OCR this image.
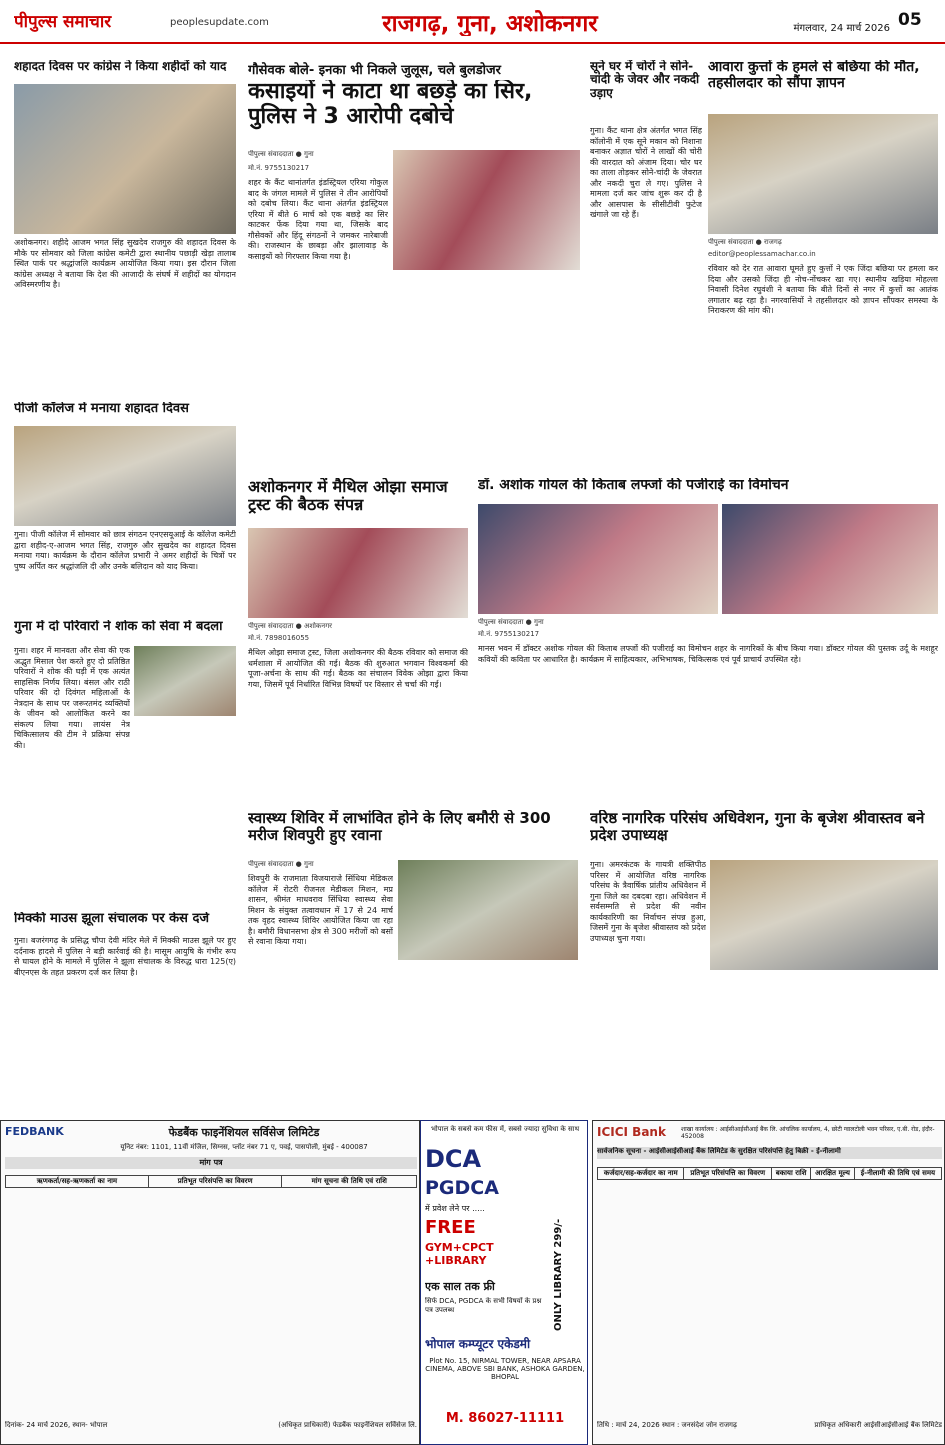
पीपुल्स समाचार	peoplesupdate.com	राजगढ़, गुना, अशोकनगर	मंगलवार, 24 मार्च 2026 05
शहादत दिवस पर कांग्रेस ने किया शहीदों को याद
अशोकनगर। शहीदे आजम भगत सिंह सुखदेव राजगुरु की शहादत दिवस के मौके पर सोमवार को जिला कांग्रेस कमेटी द्वारा स्थानीय पछाड़ी खेड़ा तालाब स्थित पार्क पर श्रद्धांजलि कार्यक्रम आयोजित किया गया। इस दौरान जिला कांग्रेस अध्यक्ष ने बताया कि देश की आजादी के संघर्ष में शहीदों का योगदान अविस्मरणीय है।
पीजी कॉलेज में मनाया शहादत दिवस
गुना। पीजी कॉलेज में सोमवार को छात्र संगठन एनएसयूआई के कॉलेज कमेटी द्वारा शहीद-ए-आजम भगत सिंह, राजगुरु और सुखदेव का शहादत दिवस मनाया गया। कार्यक्रम के दौरान कॉलेज प्रभारी ने अमर शहीदों के चित्रों पर पुष्प अर्पित कर श्रद्धांजलि दी और उनके बलिदान को याद किया।
गुना में दो परिवारों ने शोक को सेवा में बदला
गुना। शहर में मानवता और सेवा की एक अद्भुत मिसाल पेश करते हुए दो प्रतिष्ठित परिवारों ने शोक की घड़ी में एक अत्यंत साहसिक निर्णय लिया। बंसल और राठी परिवार की दो दिवंगत महिलाओं के नेत्रदान के साथ पर जरूरतमंद व्यक्तियों के जीवन को आलोकित करने का संकल्प लिया गया। लायंस नेत्र चिकित्सालय की टीम ने प्रक्रिया संपन्न की।
मिक्की माउस झूला संचालक पर केस दर्ज
गुना। बजरंगगढ़ के प्रसिद्ध चौपा देवी मंदिर मेले में मिक्की माउस झूले पर हुए दर्दनाक हादसे में पुलिस ने बड़ी कार्रवाई की है। मासूम आयुषि के गंभीर रूप से घायल होने के मामले में पुलिस ने झूला संचालक के विरुद्ध धारा 125(ए) बीएनएस के तहत प्रकरण दर्ज कर लिया है।
गौसेवक बोले- इनका भी निकले जुलूस, चले बुलडोजर
कसाइयों ने काटा था बछड़े का सिर, पुलिस ने 3 आरोपी दबोचे
पीपुल्स संवाददाता ● गुना
मो.नं. 9755130217
शहर के कैंट थानांतर्गत इंडस्ट्रियल एरिया गोकुल बाद के जंगल मामले में पुलिस ने तीन आरोपियों को दबोच लिया। कैंट थाना अंतर्गत इंडस्ट्रियल एरिया में बीते 6 मार्च को एक बछड़े का सिर काटकर फेंक दिया गया था, जिसके बाद गौसेवकों और हिंदू संगठनों ने जमकर नारेबाजी की। राजस्थान के छाबड़ा और झालावाड़ के कसाइयों को गिरफ्तार किया गया है।
सूने घर में चोरों ने सोने-चांदी के जेवर और नकदी उड़ाए
गुना। कैंट थाना क्षेत्र अंतर्गत भगत सिंह कॉलोनी में एक सूने मकान को निशाना बनाकर अज्ञात चोरों ने लाखों की चोरी की वारदात को अंजाम दिया। चोर घर का ताला तोड़कर सोने-चांदी के जेवरात और नकदी चुरा ले गए। पुलिस ने मामला दर्ज कर जांच शुरू कर दी है और आसपास के सीसीटीवी फुटेज खंगाले जा रहे हैं।
आवारा कुत्तों के हमले से बछिया की मौत, तहसीलदार को सौंपा ज्ञापन
पीपुल्स संवाददाता ● राजगढ़
editor@peoplessamachar.co.in
रविवार को देर रात आवारा घूमते हुए कुत्तों ने एक जिंदा बछिया पर हमला कर दिया और उसको जिंदा ही नोच-नोंचकर खा गए। स्थानीय खड़िया मोहल्ला निवासी दिनेश रघुवंशी ने बताया कि बीते दिनों से नगर में कुत्तों का आतंक लगातार बढ़ रहा है। नगरवासियों ने तहसीलदार को ज्ञापन सौंपकर समस्या के निराकरण की मांग की।
अशोकनगर में मैथिल ओझा समाज ट्रस्ट की बैठक संपन्न
पीपुल्स संवाददाता ● अशोकनगर
मो.नं. 7898016055
मैथिल ओझा समाज ट्रस्ट, जिला अशोकनगर की बैठक रविवार को समाज की धर्मशाला में आयोजित की गई। बैठक की शुरुआत भगवान विश्वकर्मा की पूजा-अर्चना के साथ की गई। बैठक का संचालन विवेक ओझा द्वारा किया गया, जिसमें पूर्व निर्धारित विभिन्न विषयों पर विस्तार से चर्चा की गई।
डॉ. अशोक गोयल की किताब लफ्जों की पजीराई का विमोचन
पीपुल्स संवाददाता ● गुना
मो.नं. 9755130217
मानस भवन में डॉक्टर अशोक गोयल की किताब लफ्जों की पजीराई का विमोचन शहर के नागरिकों के बीच किया गया। डॉक्टर गोयल की पुस्तक उर्दू के मशहूर कवियों की कविता पर आधारित है। कार्यक्रम में साहित्यकार, अभिभाषक, चिकित्सक एवं पूर्व प्राचार्य उपस्थित रहे।
स्वास्थ्य शिविर में लाभांवित होने के लिए बमौरी से 300 मरीज शिवपुरी हुए रवाना
पीपुल्स संवाददाता ● गुना
शिवपुरी के राजमाता विजयाराजे सिंधिया मेडिकल कॉलेज में रोटरी रीजनल मेडीकल मिशन, मप्र शासन, श्रीमंत माधवराव सिंधिया स्वास्थ्य सेवा मिशन के संयुक्त तत्वावधान में 17 से 24 मार्च तक वृहद स्वास्थ्य शिविर आयोजित किया जा रहा है। बमौरी विधानसभा क्षेत्र से 300 मरीजों को बसों से रवाना किया गया।
वरिष्ठ नागरिक परिसंघ अधिवेशन, गुना के बृजेश श्रीवास्तव बने प्रदेश उपाध्यक्ष
गुना। अमरकंटक के गायत्री शक्तिपीठ परिसर में आयोजित वरिष्ठ नागरिक परिसंघ के त्रैवार्षिक प्रांतीय अधिवेशन में गुना जिले का दबदबा रहा। अधिवेशन में सर्वसम्मति से प्रदेश की नवीन कार्यकारिणी का निर्वाचन संपन्न हुआ, जिसमें गुना के बृजेश श्रीवास्तव को प्रदेश उपाध्यक्ष चुना गया।
FEDBANK	फेडबैंक फाइनेंशियल सर्विसेज लिमिटेड
यूनिट नंबर: 1101, 11वीं मंजिल, सिग्नस, प्लॉट नंबर 71 ए, पवई, पासपोली, मुंबई - 400087
मांग पत्र
ऋणकर्ता/सह-ऋणकर्ता का नाम	प्रतिभूत परिसंपत्ति का विवरण	मांग सूचना की तिथि एवं राशि
दिनांक- 24 मार्च 2026, स्थान- भोपाल	(अधिकृत प्राधिकारी) फेडबैंक फाइनेंशियल सर्विसेज लि.
भोपाल के सबसे कम फीस में, सबसे ज्यादा सुविधा के साथ
DCA
PGDCA
में प्रवेश लेने पर .....
FREE
GYM+CPCT +LIBRARY
एक साल तक फ्री
सिर्फ DCA, PGDCA के सभी विषयों के प्रश्न पत्र उपलब्ध	ONLY LIBRARY 299/-
भोपाल कम्प्यूटर एकेडमी
Plot No. 15, NIRMAL TOWER, NEAR APSARA CINEMA, ABOVE SBI BANK, ASHOKA GARDEN, BHOPAL
M. 86027-11111
ICICI Bank	शाखा कार्यालय : आईसीआईसीआई बैंक लि. आंचलिक कार्यालय, 4, छोटी ग्वालटोली भवन परिसर, ए.बी. रोड, इंदौर- 452008
सार्वजनिक सूचना - आईसीआईसीआई बैंक लिमिटेड के सुरक्षित परिसंपत्ति हेतु बिक्री - ई-नीलामी
कर्जदार/सह-कर्जदार का नाम	प्रतिभूत परिसंपत्ति का विवरण	बकाया राशि	आरक्षित मूल्य	ई-नीलामी की तिथि एवं समय
तिथि : मार्च 24, 2026 स्थान : जनसंदेश जोन राजगढ़	प्राधिकृत अधिकारी आईसीआईसीआई बैंक लिमिटेड
